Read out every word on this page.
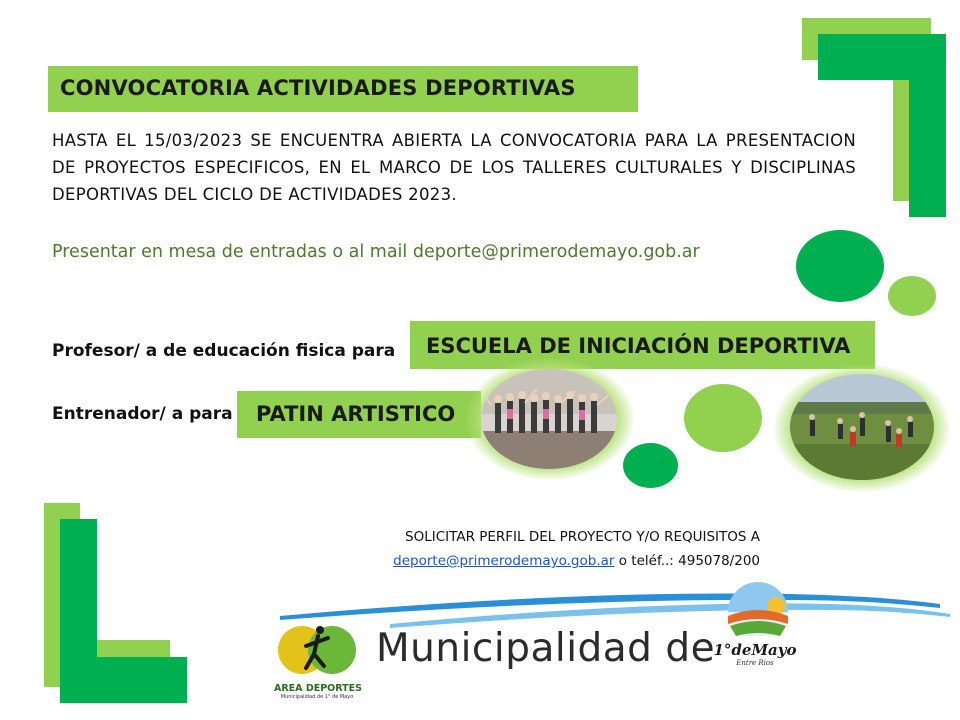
CONVOCATORIA ACTIVIDADES DEPORTIVAS
HASTA EL 15/03/2023 SE ENCUENTRA ABIERTA LA CONVOCATORIA PARA LA PRESENTACION DE PROYECTOS ESPECIFICOS, EN EL MARCO DE LOS TALLERES CULTURALES Y DISCIPLINAS DEPORTIVAS DEL CICLO DE ACTIVIDADES 2023.
Presentar en mesa de entradas o al mail deporte@primerodemayo.gob.ar
Profesor/ a de educación fisica para ESCUELA DE INICIACIÓN DEPORTIVA
Entrenador/ a para PATIN ARTISTICO
SOLICITAR PERFIL DEL PROYECTO Y/O REQUISITOS A
deporte@primerodemayo.gob.ar o teléf..: 495078/200
AREA DEPORTES
Municipalidad de 1° de Mayo
Municipalidad de
1°deMayo
Entre Rios
